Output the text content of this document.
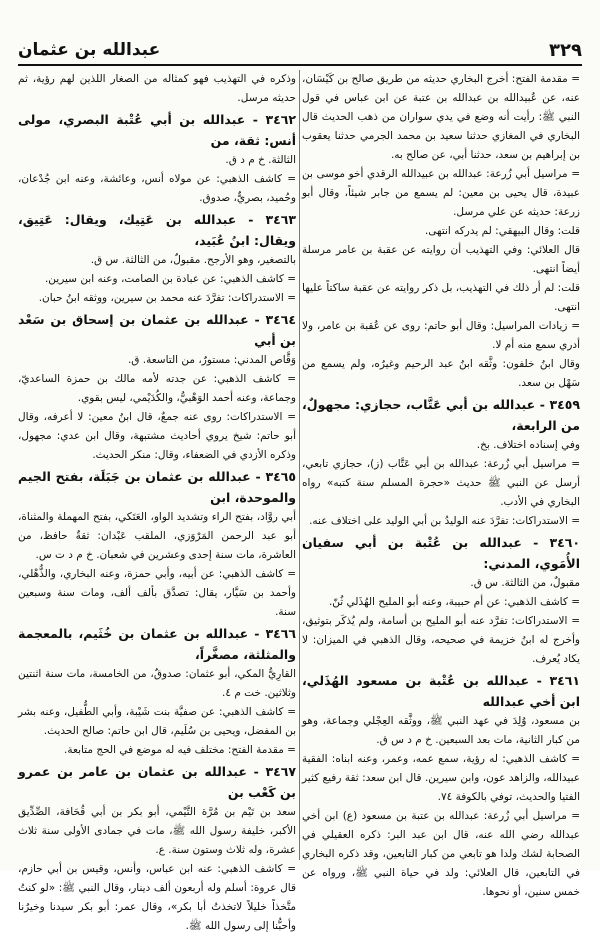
٣٢٩
عبدالله بن عثمان

= مقدمة الفتح: أخرج البخاري حديثه من طريق صالح بن كَيْسَان، عنه، عن عُبيدالله بن عبدالله بن عتبة عن ابن عباس في قول النبي ﷺ: رأيت أنه وضع في يدي سواران من ذهب الحديث قال البخاري في المغازي حدثنا سعيد بن محمد الجرمي حدثنا يعقوب بن إبراهيم بن سعد، حدثنا أبي، عن صالح به.

= مراسيل أبي زُرعة: عبدالله بن عبيدالله الرقدي أخو موسى بن عبيدة، قال يحيى بن معين: لم يسمع من جابر شيئاً، وقال أبو زرعة: حديثه عن علي مرسل.

قلت: وقال البيهقي: لم يدركه انتهى.

قال العلائي: وفي التهذيب أن روايته عن عقبة بن عامر مرسلة أيضاً انتهى.

قلت: لم أر ذلك في التهذيب، بل ذكر روايته عن عقبة ساكتاً عليها انتهى.

= زيادات المراسيل: وقال أبو حاتم: روى عن عُقبة بن عامر، ولا أدري سمع منه أم لا.

وقال ابنُ خلفون: وثَّقه ابنُ عبد الرحيم وغيرُه، ولم يسمع من سَهْل بن سعد.

٣٤٥٩ - عبدالله بن أبي عَتَّاب، حجازي: مجهولٌ، من الرابعة،

وفي إسناده اختلاف. بخ.

= مراسيل أبي زُرعة: عبدالله بن أبي عَتَّاب (ز)، حجازي تابعي، أرسل عن النبي ﷺ حديث «حجرة المسلم سنة كتبه» رواه البخاري في الأدب.

= الاستدراكات: تفرَّدَ عنه الوليدُ بن أبي الوليد على اختلاف عنه.

٣٤٦٠ - عبدالله بن عُتْبة بن أبي سفيان الأُمَوي، المدني:

مقبولٌ، من الثالثة. س ق.

= كاشف الذهبي: عن أم حبيبة، وعنه أبو المليح الهُذَلي ثُنّ.

= الاستدراكات: تفرَّد عنه أبو المليح بن أسامة، ولم يُذكَر بتوثيق، وأخرج له ابنُ خزيمة في صحيحه، وقال الذهبي في الميزان: لا يكاد يُعرف.

٣٤٦١ - عبدالله بن عُتْبة بن مسعود الهُذَلي، ابن أخي عبدالله

بن مسعود، وُلِدَ في عهد النبي ﷺ، ووثَّقه العِجْلي وجماعة، وهو من كبار الثانية، مات بعد السبعين. خ م د س ق.

= كاشف الذهبي: له رؤية، سمع عمه، وعمر، وعنه ابناه: الفقية عبيدالله، والزاهد عون، وابن سيرين. قال ابن سعد: ثقة رفيع كثير الفتيا والحديث، توفي بالكوفة ٧٤.

= مراسيل أبي زُرعة: عبدالله بن عتبة بن مسعود (ع) ابن أخي عبدالله رضي الله عنه، قال ابن عبد البر: ذكره العقيلي في الصحابة لشك ولدا هو تابعي من كبار التابعين، وقد ذكره البخاري في التابعين، قال العلائي: ولد في حياة النبي ﷺ، ورواه عن خمس سنين، أو نحوها.

وذكره في التهذيب فهو كمثاله من الصغار اللذين لهم رؤية، ثم حديثه مرسل.

٣٤٦٢ - عبدالله بن أبي عُتْبة البصري، مولى أنس: ثقة، من

الثالثة. خ م د ق.

= كاشف الذهبي: عن مولاه أنس، وعائشة، وعنه ابن جُدْعان، وحُميد، بصريٌّ، صدوق.

٣٤٦٣ - عبدالله بن عَتِيك، ويقال: عَتِيق، ويقال: ابنُ عُبَيد،

بالتصغير، وهو الأرجح. مقبولٌ، من الثالثة. س ق.

= كاشف الذهبي: عن عبادة بن الصامت، وعنه ابن سيرين.

= الاستدراكات: تفرَّدَ عنه محمد بن سيرين، ووثقه ابنُ حبان.

٣٤٦٤ - عبدالله بن عثمان بن إسحاق بن سَعْد بن أبي

وَقَّاص المدني: مستورٌ، من التاسعة. ق.

= كاشف الذهبي: عن جدته لأمه مالك بن حمزة الساعديّ، وجماعة، وعنه أحمد الوَهْبيُّ، والكُدَيْمي، ليس بقوي.

= الاستدراكات: روى عنه جمعٌ، قال ابنُ معين: لا أعرفه، وقال أبو حاتم: شيخ يروي أحاديث مشتبهة، وقال ابن عدي: مجهول، وذكره الأزدي في الضعفاء، وقال: منكر الحديث.

٣٤٦٥ - عبدالله بن عثمان بن جَبَلَة، بفتح الجيم والموحدة، ابن

أبي روَّاد، بفتح الراء وتشديد الواو، العَتَكي، بفتح المهملة والمثناة، أبو عبد الرحمن المَرْوَزي، الملقب عَبْدان: ثقةٌ حافظ، من العاشرة، مات سنة إحدى وعشرين في شعبان. خ م د ت س.

= كاشف الذهبي: عن أبيه، وأبي حمزة، وعنه البخاري، والذُّهْلي، وأحمد بن سَيَّار، يقال: تصدَّق بألف ألف، ومات سنة وسبعين سنة.

٣٤٦٦ - عبدالله بن عثمان بن خُثَيم، بالمعجمة والمثلثة، مصغَّراً،

القارِيُّ المكي، أبو عثمان: صدوقٌ، من الخامسة، مات سنة اثنتين وثلاثين. خت م ٤.

= كاشف الذهبي: عن صفيَّة بنت شَيْبة، وأبي الطُّفيل، وعنه بشر بن المفضل، ويحيى بن سُلَيم، قال ابن حاتم: صالح الحديث.

= مقدمة الفتح: مختلف فيه له موضع في الحج متابعة.

٣٤٦٧ - عبدالله بن عثمان بن عامر بن عمرو بن كَعْب بن

سعد بن تَيْم بن مُرَّة التَّيْمي، أبو بكر بن أبي قُحَافة، الصِّدِّيق الأكبر، خليفة رسول الله ﷺ، مات في جمادى الأولى سنة ثلاث عشرة، وله ثلاث وستون سنة. ع.

= كاشف الذهبي: عنه ابن عباس، وأنس، وقيس بن أبي حازم، قال عروة: أسلم وله أربعون ألف دينار، وقال النبي ﷺ: «لو كنتُ متَّخذاً خليلاً لاتخذتُ أبا بكر»، وقال عمر: أبو بكر سيدنا وخيرُنا وأحبُّنا إلى رسول الله ﷺ.
